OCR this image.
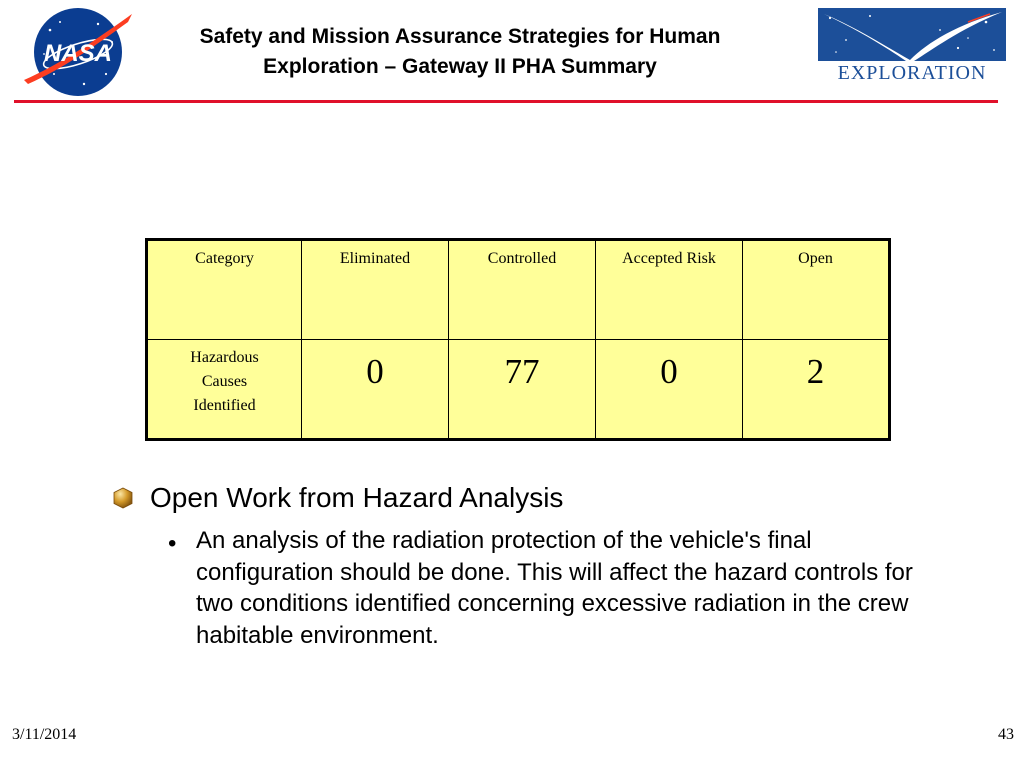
NASA
Safety and Mission Assurance Strategies for Human
Exploration – Gateway II PHA Summary	EXPLORATION
Category	Eliminated	Controlled	Accepted Risk	Open

Hazardous
Causes
Identified	0	77	0	2
Open Work from Hazard Analysis
• An analysis of the radiation protection of the vehicle's final configuration should be done. This will affect the hazard controls for two conditions identified concerning excessive radiation in the crew habitable environment.
3/11/2014	43
